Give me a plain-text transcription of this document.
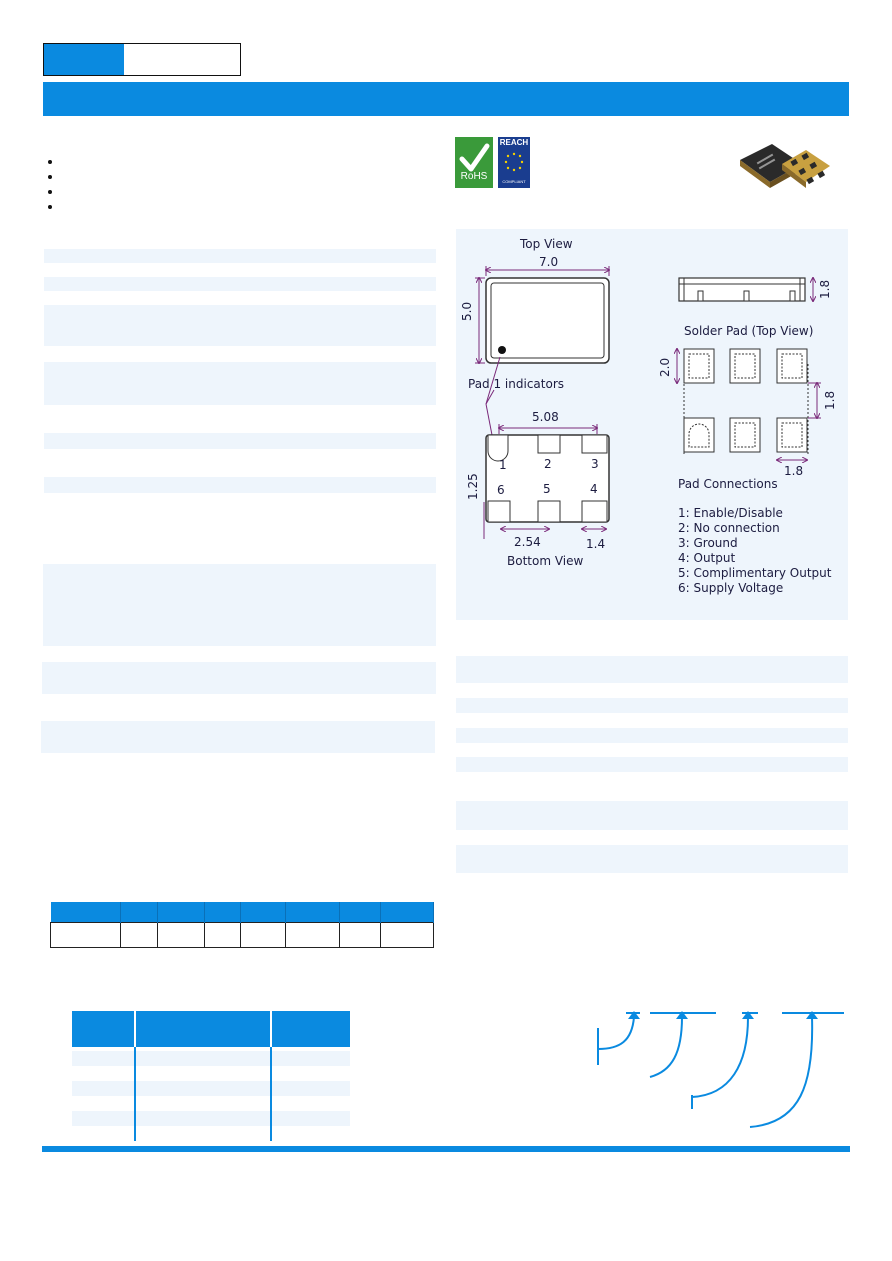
RoHS
REACH
COMPLIANT
Top View
7.0
5.0
Pad 1 indicators
5.08
1	2	3
6	5	4
1.25
2.54	1.4
Bottom View
1.8
Solder Pad (Top View)
2.0
1.8
1.8
Pad Connections
1: Enable/Disable
2: No connection
3: Ground
4: Output
5: Complimentary Output
6: Supply Voltage
